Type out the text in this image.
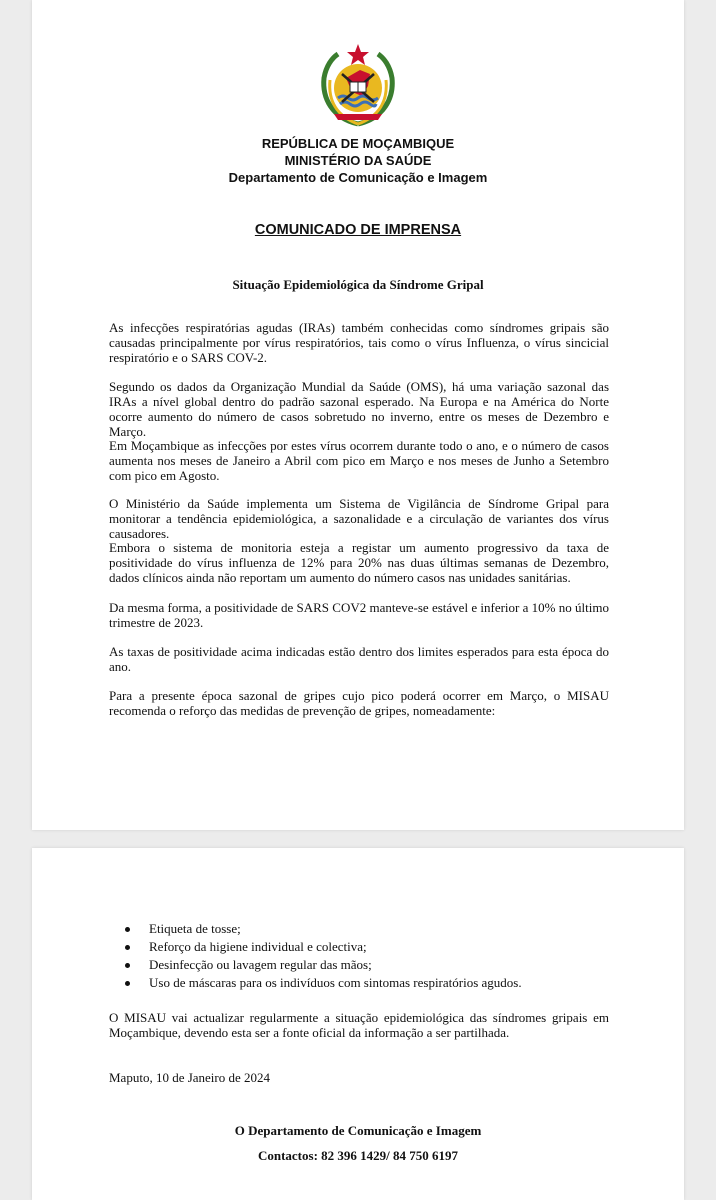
REPÚBLICA DE MOÇAMBIQUE
MINISTÉRIO DA SAÚDE
Departamento de Comunicação e Imagem
COMUNICADO DE IMPRENSA
Situação Epidemiológica da Síndrome Gripal

As infecções respiratórias agudas (IRAs) também conhecidas como síndromes gripais são causadas principalmente por vírus respiratórios, tais como o vírus Influenza, o vírus sincicial respiratório e o SARS COV-2.

Segundo os dados da Organização Mundial da Saúde (OMS), há uma variação sazonal das IRAs a nível global dentro do padrão sazonal esperado. Na Europa e na América do Norte ocorre aumento do número de casos sobretudo no inverno, entre os meses de Dezembro e Março.

Em Moçambique as infecções por estes vírus ocorrem durante todo o ano, e o número de casos aumenta nos meses de Janeiro a Abril com pico em Março e nos meses de Junho a Setembro com pico em Agosto.

O Ministério da Saúde implementa um Sistema de Vigilância de Síndrome Gripal para monitorar a tendência epidemiológica, a sazonalidade e a circulação de variantes dos vírus causadores.

Embora o sistema de monitoria esteja a registar um aumento progressivo da taxa de positividade do vírus influenza de 12% para 20% nas duas últimas semanas de Dezembro, dados clínicos ainda não reportam um aumento do número casos nas unidades sanitárias.

Da mesma forma, a positividade de SARS COV2 manteve-se estável e inferior a 10% no último trimestre de 2023.

As taxas de positividade acima indicadas estão dentro dos limites esperados para esta época do ano.

Para a presente época sazonal de gripes cujo pico poderá ocorrer em Março, o MISAU recomenda o reforço das medidas de prevenção de gripes, nomeadamente:

Etiqueta de tosse;
Reforço da higiene individual e colectiva;
Desinfecção ou lavagem regular das mãos;
Uso de máscaras para os indivíduos com sintomas respiratórios agudos.

O MISAU vai actualizar regularmente a situação epidemiológica das síndromes gripais em Moçambique, devendo esta ser a fonte oficial da informação a ser partilhada.

Maputo, 10 de Janeiro de 2024
O Departamento de Comunicação e Imagem
Contactos: 82 396 1429/ 84 750 6197
